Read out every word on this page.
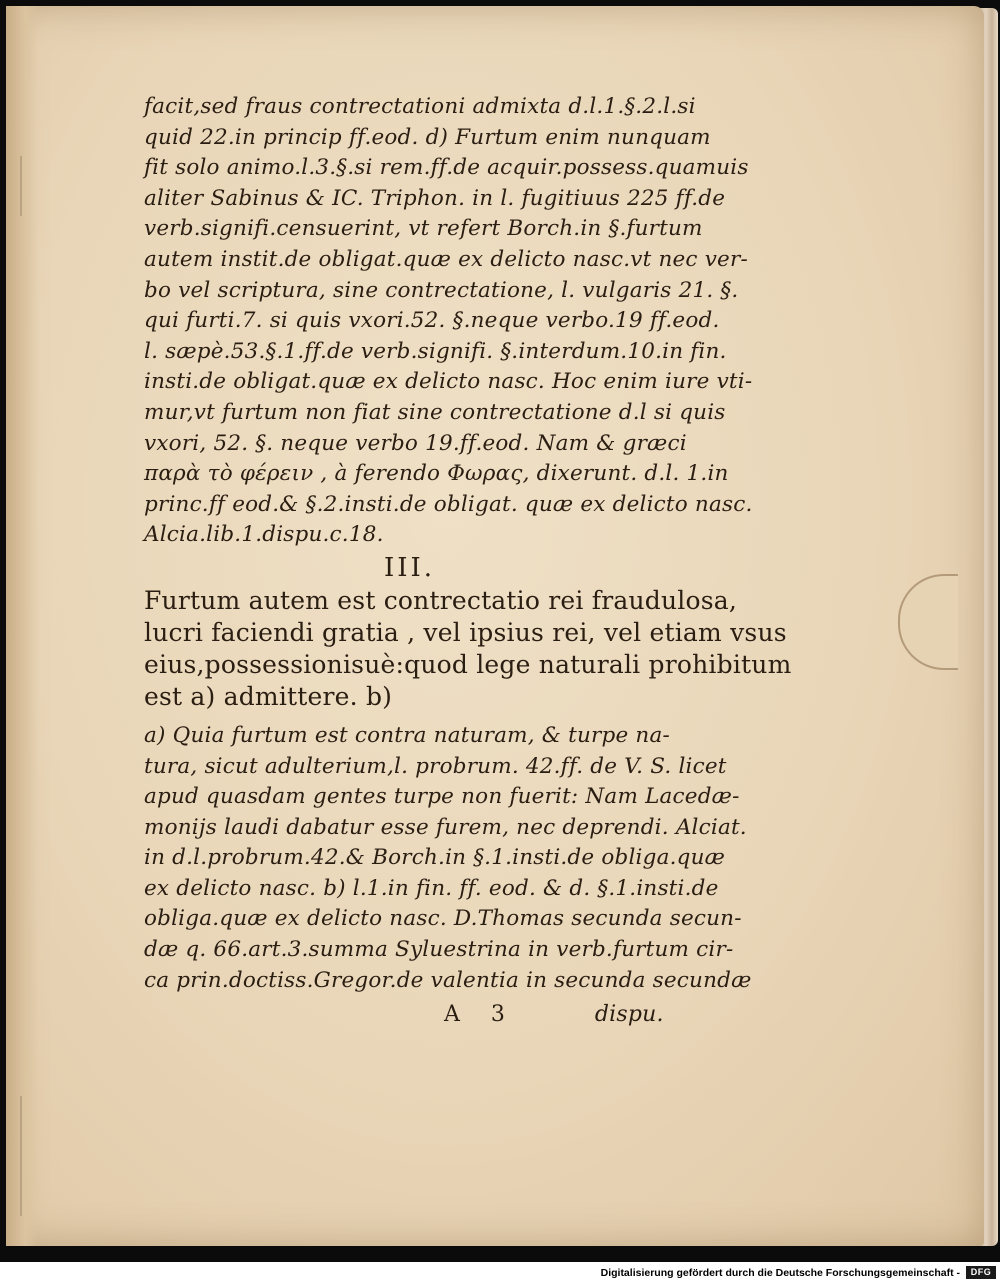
facit,sed fraus contrectationi admixta d.l.1.§.2.l.si

quid 22.in princip ff.eod. d) Furtum enim nunquam

fit solo animo.l.3.§.si rem.ff.de acquir.possess.quamuis

aliter Sabinus & IC. Triphon. in l. fugitiuus 225 ff.de

verb.signifi.censuerint, vt refert Borch.in §.furtum

autem instit.de obligat.quæ ex delicto nasc.vt nec ver-

bo vel scriptura, sine contrectatione, l. vulgaris 21. §.

qui furti.7. si quis vxori.52. §.neque verbo.19 ff.eod.

l. sæpè.53.§.1.ff.de verb.signifi. §.interdum.10.in fin.

insti.de obligat.quæ ex delicto nasc. Hoc enim iure vti-

mur,vt furtum non fiat sine contrectatione d.l si quis

vxori, 52. §. neque verbo 19.ff.eod. Nam & græci

παρὰ τὸ φέρειν , à ferendo Φωρας, dixerunt. d.l. 1.in

princ.ff eod.& §.2.insti.de obligat. quæ ex delicto nasc.

Alcia.lib.1.dispu.c.18.

III.

Furtum autem est contrectatio rei fraudulosa,

lucri faciendi gratia , vel ipsius rei, vel etiam vsus

eius,possessionisuè:quod lege naturali prohibitum

est a) admittere. b)

a) Quia furtum est contra naturam, & turpe na-

tura, sicut adulterium,l. probrum. 42.ff. de V. S. licet

apud quasdam gentes turpe non fuerit: Nam Lacedæ-

monijs laudi dabatur esse furem, nec deprendi. Alciat.

in d.l.probrum.42.& Borch.in §.1.insti.de obliga.quæ

ex delicto nasc. b) l.1.in fin. ff. eod. & d. §.1.insti.de

obliga.quæ ex delicto nasc. D.Thomas secunda secun-

dæ q. 66.art.3.summa Syluestrina in verb.furtum cir-

ca prin.doctiss.Gregor.de valentia in secunda secundæ

A 3	dispu.
Digitalisierung gefördert durch die Deutsche Forschungsgemeinschaft -	DFG
